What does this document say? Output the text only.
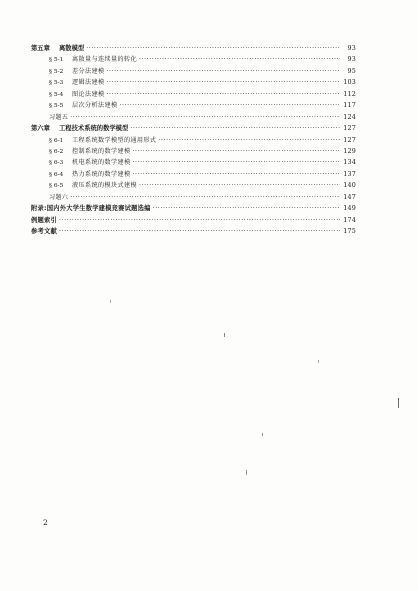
第五章	离散模型 ·····	93
§ 5-1	离散量与连续量的转化 ·····	93
§ 5-2	差分法建模 ·····	95
§ 5-3	逻辑法建模 ·····	103
§ 5-4	图论法建模 ·····	112
§ 5-5	层次分析法建模 ·····	117
习题五 ·····	124
第六章	工程技术系统的数学模型 ·····	127
§ 6-1	工程系统数学模型的通用形式 ·····	127
§ 6-2	控制系统的数学建模 ·····	129
§ 6-3	机电系统的数学建模 ·····	134
§ 6-4	热力系统的数学建模 ·····	137
§ 6-5	液压系统的模块式建模 ·····	140
习题六 ·····	147
附录:国内外大学生数学建模竞赛试题选编 ·····	149
例题索引 ·····	174
参考文献 ·····	175
2
